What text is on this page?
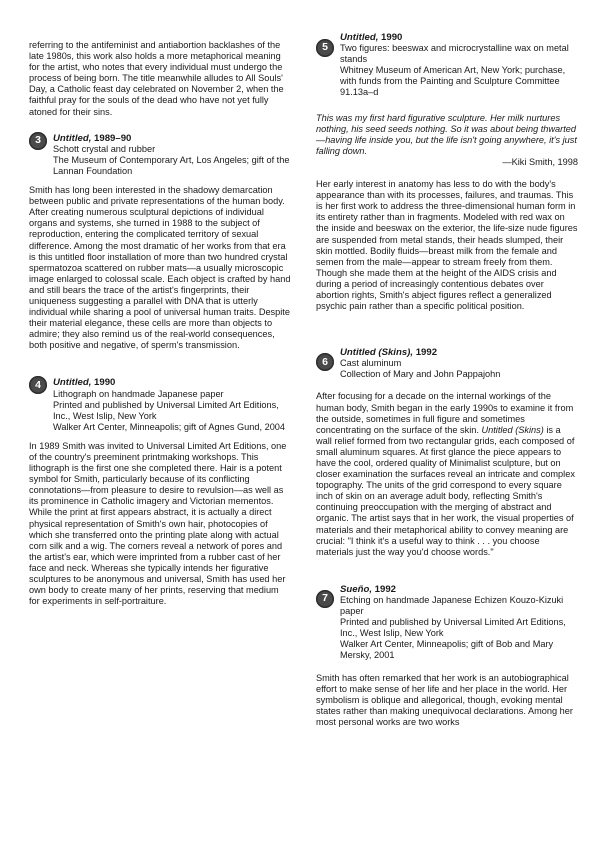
referring to the antifeminist and antiabortion backlashes of the late 1980s, this work also holds a more metaphorical meaning for the artist, who notes that every individual must undergo the process of being born. The title meanwhile alludes to All Souls' Day, a Catholic feast day celebrated on November 2, when the faithful pray for the souls of the dead who have not yet fully atoned for their sins.

3	Untitled, 1989–90

Schott crystal and rubber

The Museum of Contemporary Art, Los Angeles; gift of the Lannan Foundation

Smith has long been interested in the shadowy demarcation between public and private representations of the human body. After creating numerous sculptural depictions of individual organs and systems, she turned in 1988 to the subject of reproduction, entering the complicated territory of sexual difference. Among the most dramatic of her works from that era is this untitled floor installation of more than two hundred crystal spermatozoa scattered on rubber mats—a usually microscopic image enlarged to colossal scale. Each object is crafted by hand and still bears the trace of the artist's fingerprints, their uniqueness suggesting a parallel with DNA that is utterly individual while sharing a pool of universal human traits. Despite their material elegance, these cells are more than objects to admire; they also remind us of the real-world consequences, both positive and negative, of sperm's transmission.

4	Untitled, 1990

Lithograph on handmade Japanese paper

Printed and published by Universal Limited Art Editions, Inc., West Islip, New York

Walker Art Center, Minneapolis; gift of Agnes Gund, 2004

In 1989 Smith was invited to Universal Limited Art Editions, one of the country's preeminent printmaking workshops. This lithograph is the first one she completed there. Hair is a potent symbol for Smith, particularly because of its conflicting connotations—from pleasure to desire to revulsion—as well as its prominence in Catholic imagery and Victorian mementos. While the print at first appears abstract, it is actually a direct physical representation of Smith's own hair, photocopies of which she transferred onto the printing plate along with actual corn silk and a wig. The corners reveal a network of pores and the artist's ear, which were imprinted from a rubber cast of her face and neck. Whereas she typically intends her figurative sculptures to be anonymous and universal, Smith has used her own body to create many of her prints, reserving that medium for experiments in self-portraiture.

5
Untitled, 1990

Two figures: beeswax and microcrystalline wax on metal stands

Whitney Museum of American Art, New York; purchase, with funds from the Painting and Sculpture Committee 91.13a–d

This was my first hard figurative sculpture. Her milk nurtures nothing, his seed seeds nothing. So it was about being thwarted—having life inside you, but the life isn't going anywhere, it's just falling down.

—Kiki Smith, 1998

Her early interest in anatomy has less to do with the body's appearance than with its processes, failures, and traumas. This is her first work to address the three-dimensional human form in its entirety rather than in fragments. Modeled with red wax on the inside and beeswax on the exterior, the life-size nude figures are suspended from metal stands, their heads slumped, their skin mottled. Bodily fluids—breast milk from the female and semen from the male—appear to stream freely from them. Though she made them at the height of the AIDS crisis and during a period of increasingly contentious debates over abortion rights, Smith's abject figures reflect a generalized psychic pain rather than a specific political position.

6
Untitled (Skins), 1992

Cast aluminum

Collection of Mary and John Pappajohn

After focusing for a decade on the internal workings of the human body, Smith began in the early 1990s to examine it from the outside, sometimes in full figure and sometimes concentrating on the surface of the skin. Untitled (Skins) is a wall relief formed from two rectangular grids, each composed of small aluminum squares. At first glance the piece appears to have the cool, ordered quality of Minimalist sculpture, but on closer examination the surfaces reveal an intricate and complex topography. The units of the grid correspond to every square inch of skin on an average adult body, reflecting Smith's continuing preoccupation with the merging of abstract and organic. The artist says that in her work, the visual properties of materials and their metaphorical ability to convey meaning are crucial: "I think it's a useful way to think . . . you choose materials just the way you'd choose words."

7
Sueño, 1992

Etching on handmade Japanese Echizen Kouzo-Kizuki paper

Printed and published by Universal Limited Art Editions, Inc., West Islip, New York

Walker Art Center, Minneapolis; gift of Bob and Mary Mersky, 2001

Smith has often remarked that her work is an autobiographical effort to make sense of her life and her place in the world. Her symbolism is oblique and allegorical, though, evoking mental states rather than making unequivocal declarations. Among her most personal works are two works
